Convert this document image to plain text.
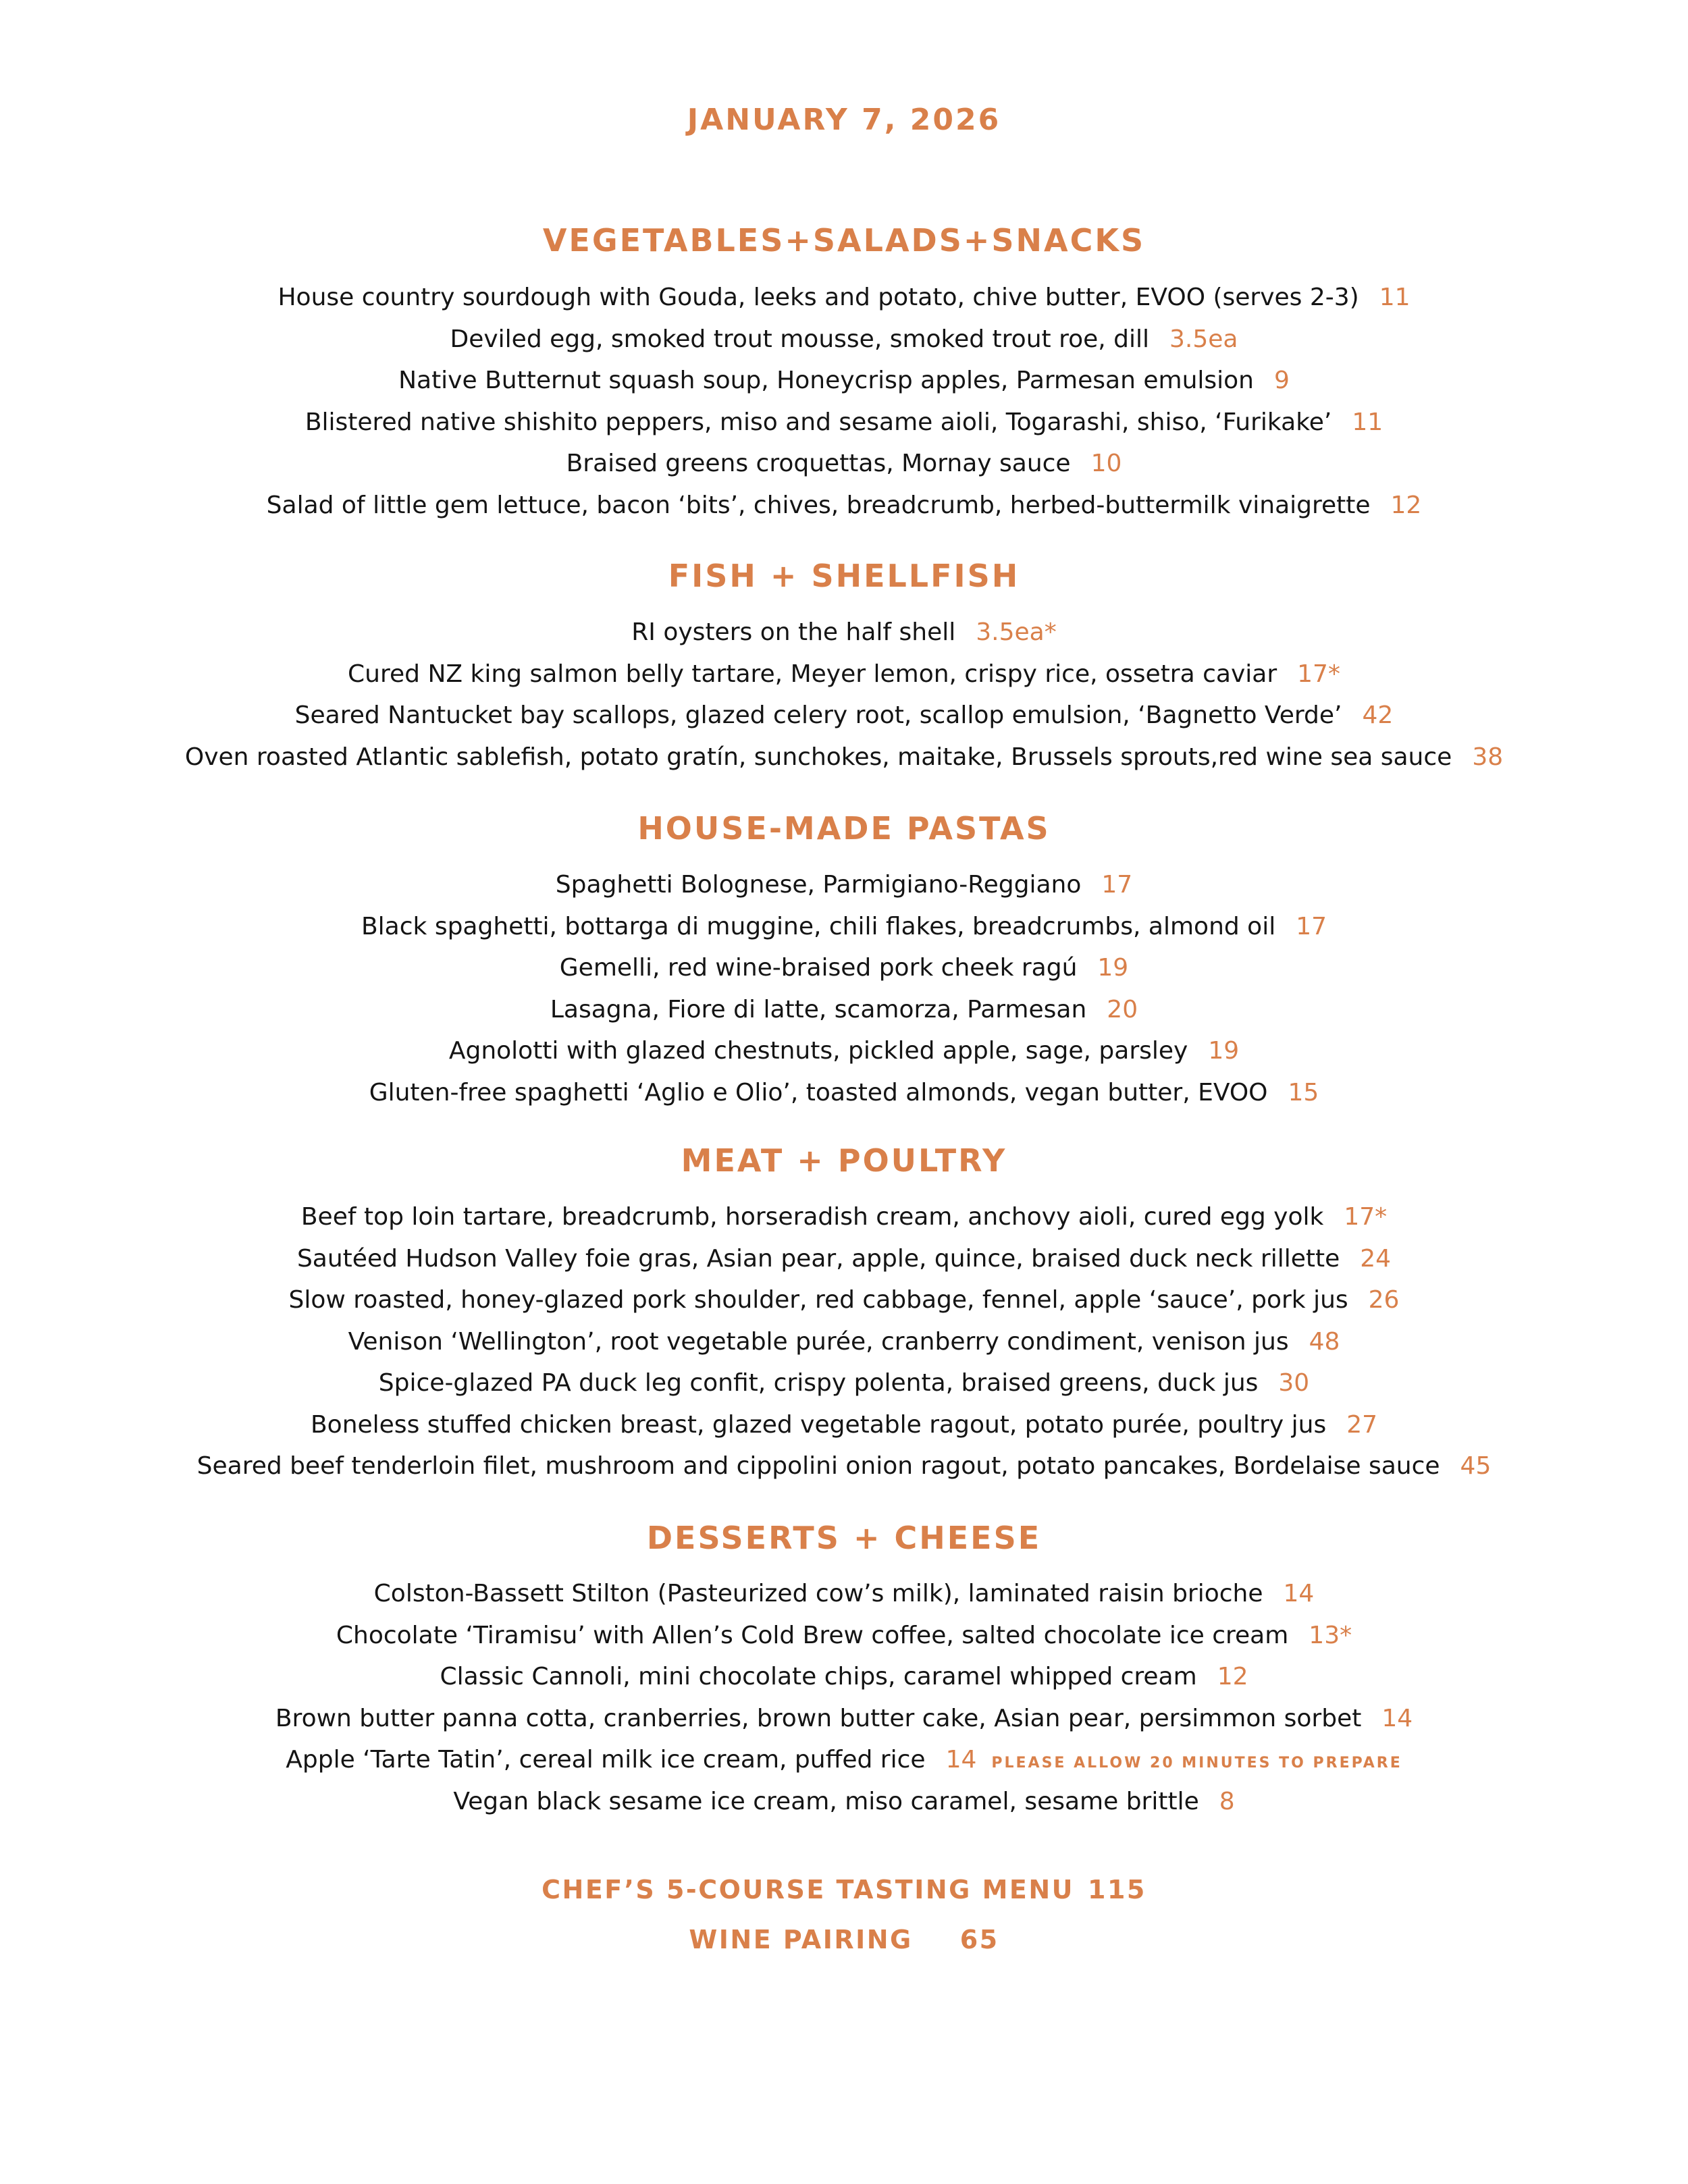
JANUARY 7, 2026
VEGETABLES+SALADS+SNACKS
House country sourdough with Gouda, leeks and potato, chive butter, EVOO (serves 2-3) 11
Deviled egg, smoked trout mousse, smoked trout roe, dill 3.5ea
Native Butternut squash soup, Honeycrisp apples, Parmesan emulsion 9
Blistered native shishito peppers, miso and sesame aioli, Togarashi, shiso, ‘Furikake’ 11
Braised greens croquettas, Mornay sauce 10
Salad of little gem lettuce, bacon ‘bits’, chives, breadcrumb, herbed-buttermilk vinaigrette 12
FISH + SHELLFISH
RI oysters on the half shell 3.5ea*
Cured NZ king salmon belly tartare, Meyer lemon, crispy rice, ossetra caviar 17*
Seared Nantucket bay scallops, glazed celery root, scallop emulsion, ‘Bagnetto Verde’ 42
Oven roasted Atlantic sablefish, potato gratín, sunchokes, maitake, Brussels sprouts,red wine sea sauce 38
HOUSE-MADE PASTAS
Spaghetti Bolognese, Parmigiano-Reggiano 17
Black spaghetti, bottarga di muggine, chili flakes, breadcrumbs, almond oil 17
Gemelli, red wine-braised pork cheek ragú 19
Lasagna, Fiore di latte, scamorza, Parmesan 20
Agnolotti with glazed chestnuts, pickled apple, sage, parsley 19
Gluten-free spaghetti ‘Aglio e Olio’, toasted almonds, vegan butter, EVOO 15
MEAT + POULTRY
Beef top loin tartare, breadcrumb, horseradish cream, anchovy aioli, cured egg yolk 17*
Sautéed Hudson Valley foie gras, Asian pear, apple, quince, braised duck neck rillette 24
Slow roasted, honey-glazed pork shoulder, red cabbage, fennel, apple ‘sauce’, pork jus 26
Venison ‘Wellington’, root vegetable purée, cranberry condiment, venison jus 48
Spice-glazed PA duck leg confit, crispy polenta, braised greens, duck jus 30
Boneless stuffed chicken breast, glazed vegetable ragout, potato purée, poultry jus 27
Seared beef tenderloin filet, mushroom and cippolini onion ragout, potato pancakes, Bordelaise sauce 45
DESSERTS + CHEESE
Colston-Bassett Stilton (Pasteurized cow’s milk), laminated raisin brioche 14
Chocolate ‘Tiramisu’ with Allen’s Cold Brew coffee, salted chocolate ice cream 13*
Classic Cannoli, mini chocolate chips, caramel whipped cream 12
Brown butter panna cotta, cranberries, brown butter cake, Asian pear, persimmon sorbet 14
Apple ‘Tarte Tatin’, cereal milk ice cream, puffed rice 14 PLEASE ALLOW 20 MINUTES TO PREPARE
Vegan black sesame ice cream, miso caramel, sesame brittle 8
CHEF’S 5-COURSE TASTING MENU 115
WINE PAIRING 65
